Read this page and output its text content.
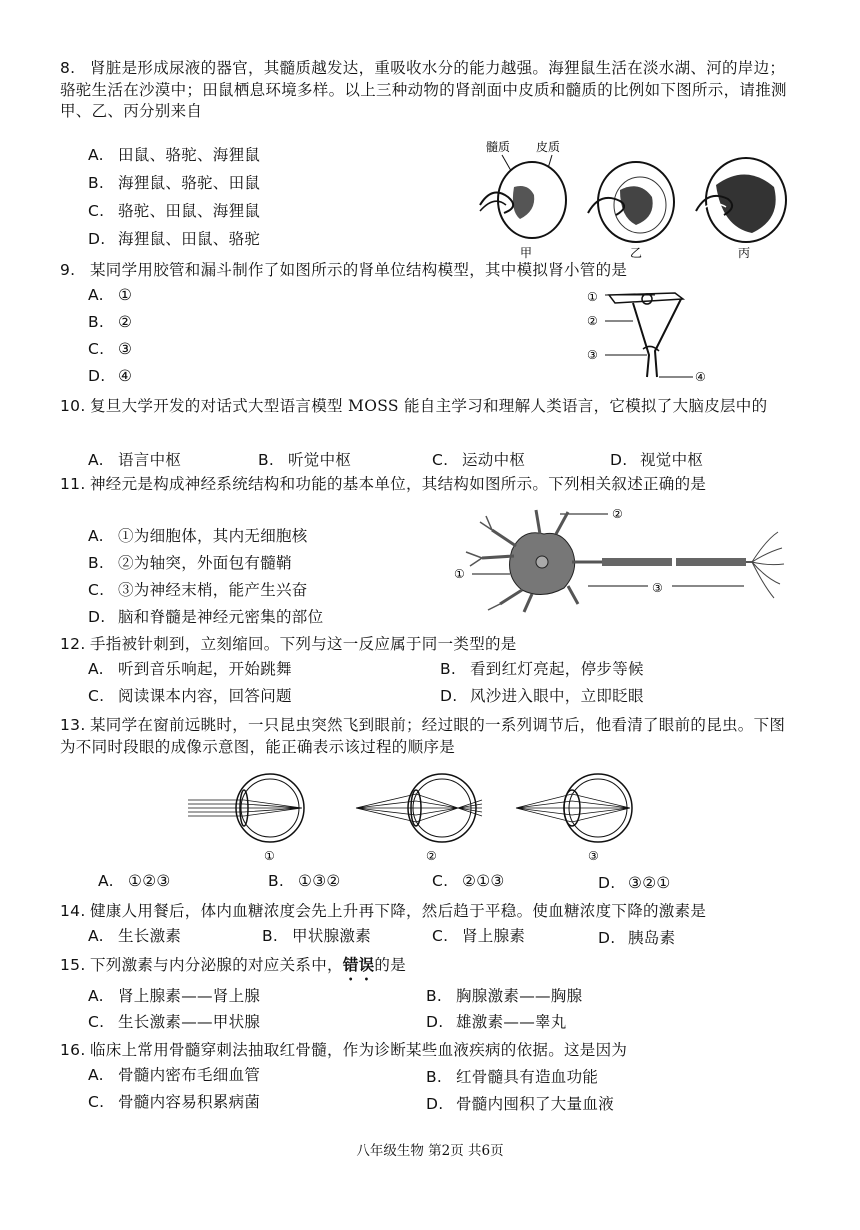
8. 肾脏是形成尿液的器官，其髓质越发达，重吸收水分的能力越强。海狸鼠生活在淡水湖、河的岸边；骆驼生活在沙漠中；田鼠栖息环境多样。以上三种动物的肾剖面中皮质和髓质的比例如下图所示，请推测甲、乙、丙分别来自

A. 田鼠、骆驼、海狸鼠
B. 海狸鼠、骆驼、田鼠
C. 骆驼、田鼠、海狸鼠
D. 海狸鼠、田鼠、骆驼
髓质 皮质
甲	乙	丙

9. 某同学用胶管和漏斗制作了如图所示的肾单位结构模型，其中模拟肾小管的是

A. ①
B. ②
C. ③
D. ④
①
②
③
④

10. 复旦大学开发的对话式大型语言模型 MOSS 能自主学习和理解人类语言，它模拟了大脑皮层中的

A. 语言中枢	B. 听觉中枢	C. 运动中枢	D. 视觉中枢

11. 神经元是构成神经系统结构和功能的基本单位，其结构如图所示。下列相关叙述正确的是

A. ①为细胞体，其内无细胞核
B. ②为轴突，外面包有髓鞘
C. ③为神经末梢，能产生兴奋
D. 脑和脊髓是神经元密集的部位
②
①
③

12. 手指被针刺到，立刻缩回。下列与这一反应属于同一类型的是

A. 听到音乐响起，开始跳舞	B. 看到红灯亮起，停步等候
C. 阅读课本内容，回答问题	D. 风沙进入眼中，立即眨眼

13. 某同学在窗前远眺时，一只昆虫突然飞到眼前；经过眼的一系列调节后，他看清了眼前的昆虫。下图为不同时段眼的成像示意图，能正确表示该过程的顺序是

①	②	③
A. ①②③	B. ①③②	C. ②①③	D. ③②①

14. 健康人用餐后，体内血糖浓度会先上升再下降，然后趋于平稳。使血糖浓度下降的激素是

A. 生长激素	B. 甲状腺激素	C. 肾上腺素	D. 胰岛素

15. 下列激素与内分泌腺的对应关系中，错误的是

A. 肾上腺素——肾上腺	B. 胸腺激素——胸腺
C. 生长激素——甲状腺	D. 雄激素——睾丸

16. 临床上常用骨髓穿刺法抽取红骨髓，作为诊断某些血液疾病的依据。这是因为

A. 骨髓内密布毛细血管	B. 红骨髓具有造血功能
C. 骨髓内容易积累病菌	D. 骨髓内囤积了大量血液
八年级生物 第2页 共6页
